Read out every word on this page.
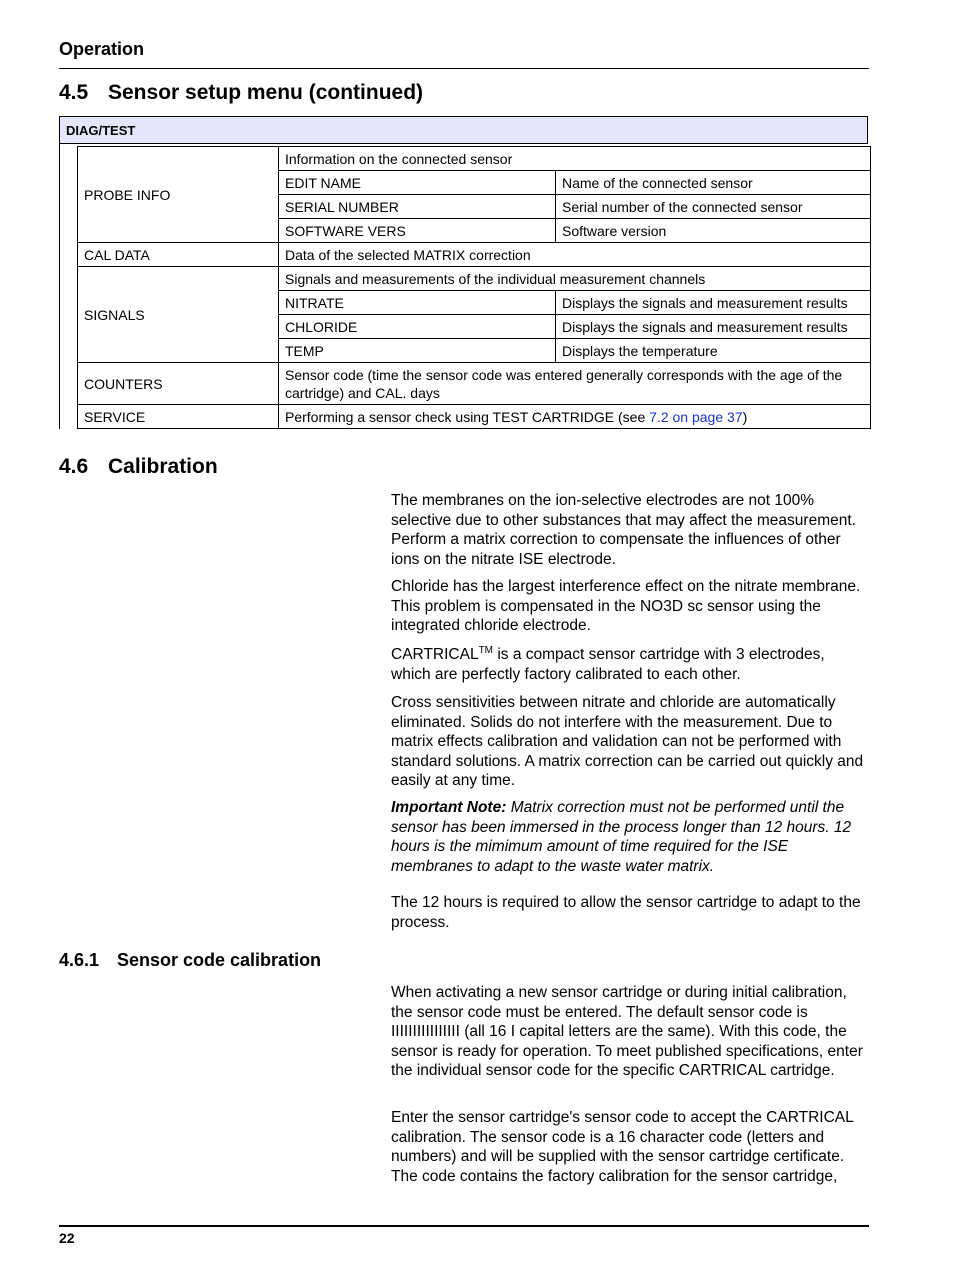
Operation
4.5 Sensor setup menu (continued)
DIAG/TEST
PROBE INFO	Information on the connected sensor	
	EDIT NAME	Name of the connected sensor
	SERIAL NUMBER	Serial number of the connected sensor
	SOFTWARE VERS	Software version
CAL DATA	Data of the selected MATRIX correction	
SIGNALS	Signals and measurements of the individual measurement channels	
	NITRATE	Displays the signals and measurement results
	CHLORIDE	Displays the signals and measurement results
	TEMP	Displays the temperature
COUNTERS	Sensor code (time the sensor code was entered generally corresponds with the age of the cartridge) and CAL. days	
SERVICE	Performing a sensor check using TEST CARTRIDGE (see 7.2 on page 37)	
4.6 Calibration

The membranes on the ion-selective electrodes are not 100% selective due to other substances that may affect the measurement. Perform a matrix correction to compensate the influences of other ions on the nitrate ISE electrode.

Chloride has the largest interference effect on the nitrate membrane. This problem is compensated in the NO3D sc sensor using the integrated chloride electrode.

CARTRICAL™ is a compact sensor cartridge with 3 electrodes, which are perfectly factory calibrated to each other.

Cross sensitivities between nitrate and chloride are automatically eliminated. Solids do not interfere with the measurement. Due to matrix effects calibration and validation can not be performed with standard solutions. A matrix correction can be carried out quickly and easily at any time.

Important Note: Matrix correction must not be performed until the sensor has been immersed in the process longer than 12 hours. 12 hours is the mimimum amount of time required for the ISE membranes to adapt to the waste water matrix.

The 12 hours is required to allow the sensor cartridge to adapt to the process.

4.6.1 Sensor code calibration

When activating a new sensor cartridge or during initial calibration, the sensor code must be entered. The default sensor code is IIIIIIIIIIIIIIII (all 16 I capital letters are the same). With this code, the sensor is ready for operation. To meet published specifications, enter the individual sensor code for the specific CARTRICAL cartridge.

Enter the sensor cartridge's sensor code to accept the CARTRICAL calibration. The sensor code is a 16 character code (letters and numbers) and will be supplied with the sensor cartridge certificate. The code contains the factory calibration for the sensor cartridge,

22
